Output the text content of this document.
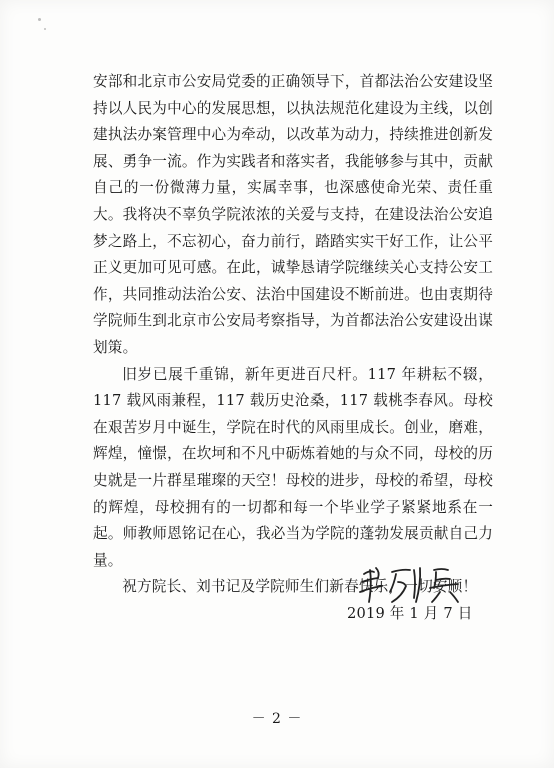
安部和北京市公安局党委的正确领导下，首都法治公安建设坚持以人民为中心的发展思想，以执法规范化建设为主线，以创建执法办案管理中心为牵动，以改革为动力，持续推进创新发展、勇争一流。作为实践者和落实者，我能够参与其中，贡献自己的一份微薄力量，实属幸事，也深感使命光荣、责任重大。我将决不辜负学院浓浓的关爱与支持，在建设法治公安追梦之路上，不忘初心，奋力前行，踏踏实实干好工作，让公平正义更加可见可感。在此，诚挚恳请学院继续关心支持公安工作，共同推动法治公安、法治中国建设不断前进。也由衷期待学院师生到北京市公安局考察指导，为首都法治公安建设出谋划策。

旧岁已展千重锦，新年更进百尺杆。117 年耕耘不辍，117 载风雨兼程，117 载历史沧桑，117 载桃李春风。母校在艰苦岁月中诞生，学院在时代的风雨里成长。创业，磨难，辉煌，憧憬，在坎坷和不凡中砺炼着她的与众不同，母校的历史就是一片群星璀璨的天空！母校的进步，母校的希望，母校的辉煌，母校拥有的一切都和每一个毕业学子紧紧地系在一起。师教师恩铭记在心，我必当为学院的蓬勃发展贡献自己力量。

祝方院长、刘书记及学院师生们新春快乐，一切安顺！

2019 年 1 月 7 日
－ 2 －
